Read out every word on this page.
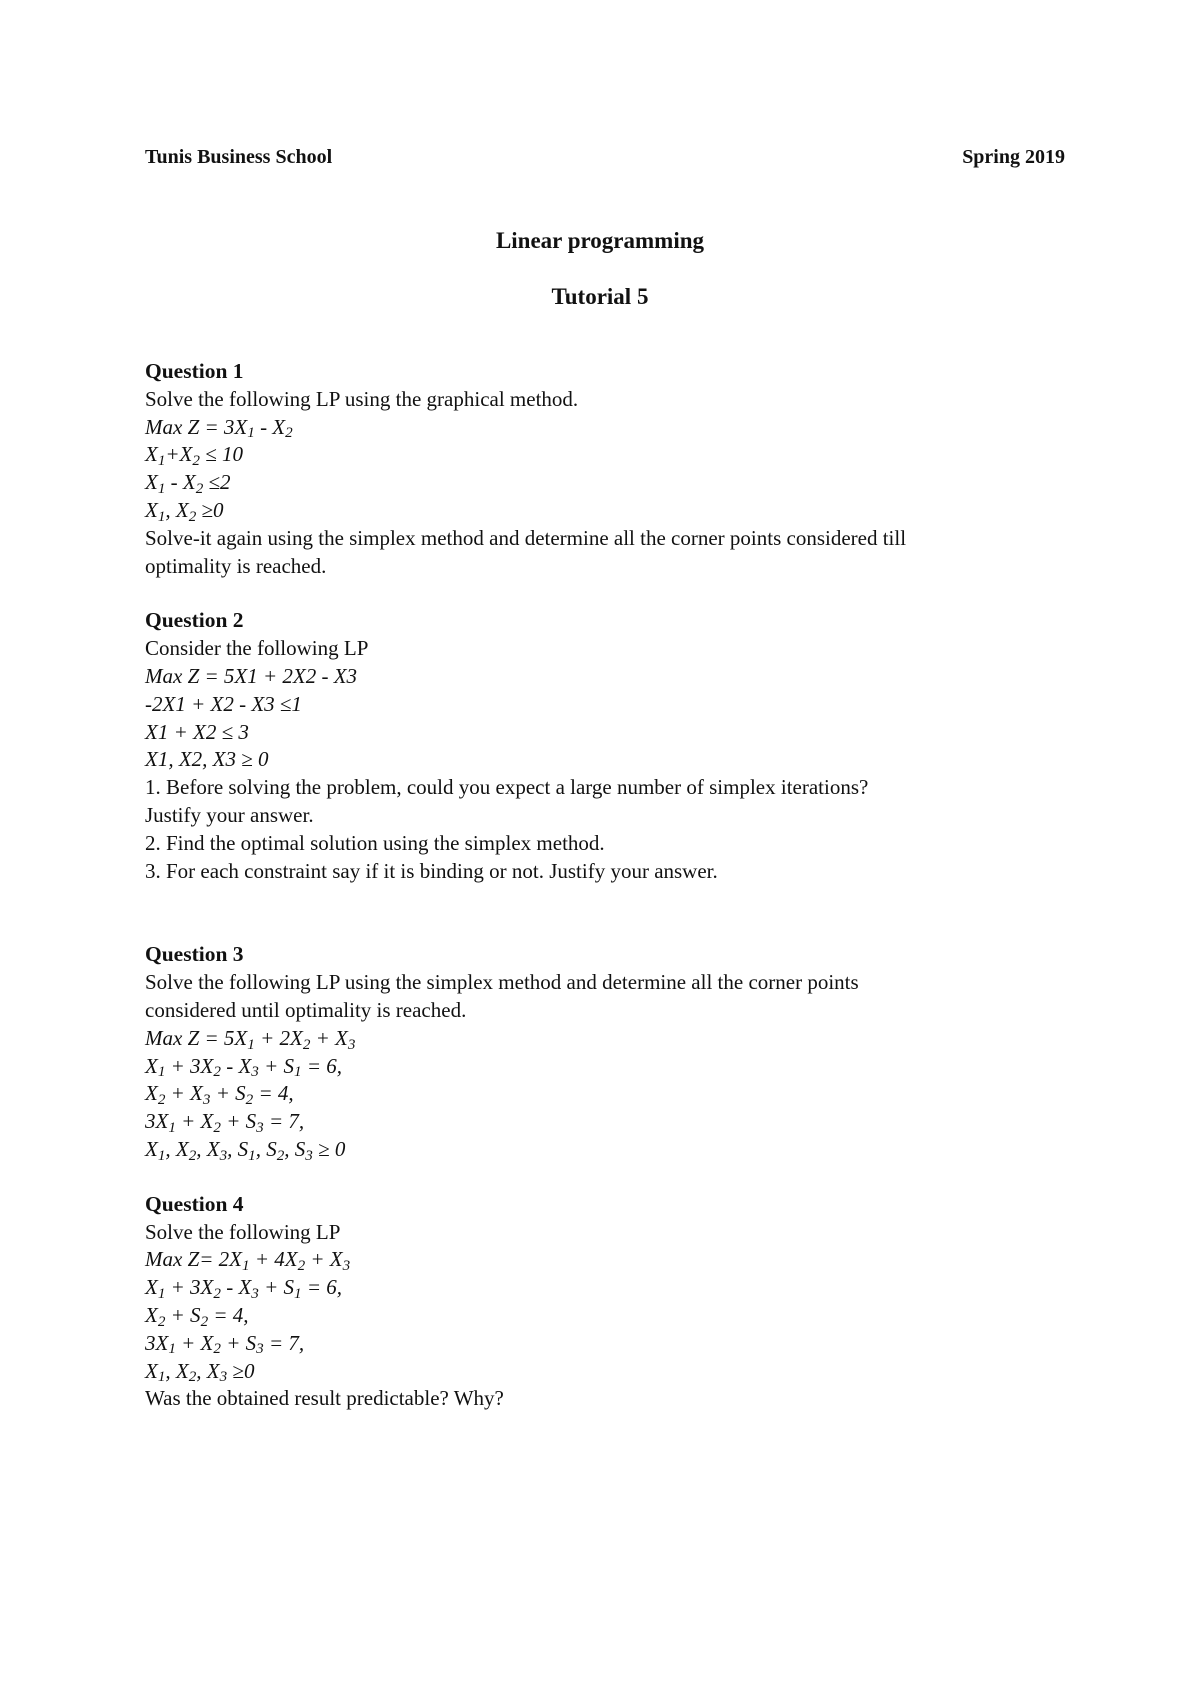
Tunis Business School	Spring 2019
Linear programming
Tutorial 5
Question 1
Solve the following LP using the graphical method.
Max $Z = 3X_1 - X_2$
$X_1+X_2 \le 10$
$X_1 - X_2 \le 2$
$X_1$, $X_2 \ge 0$
Solve-it again using the simplex method and determine all the corner points considered till
optimality is reached.
Question 2
Consider the following LP
Max Z = 5X1 + 2X2 - X3
-2X1 + X2 - X3 ≤1
X1 + X2 ≤ 3
X1, X2, X3 ≥ 0
1. Before solving the problem, could you expect a large number of simplex iterations?
Justify your answer.
2. Find the optimal solution using the simplex method.
3. For each constraint say if it is binding or not. Justify your answer.
Question 3
Solve the following LP using the simplex method and determine all the corner points
considered until optimality is reached.
Max $Z = 5X_1 + 2X_2 + X_3$
$X_1 + 3X_2 - X_3 + S_1 = 6$,
$X_2 + X_3 + S_2 = 4$,
$3X_1 + X_2 + S_3 = 7$,
$X_1$, $X_2$, $X_3$, $S_1$, $S_2$, $S_3 \ge 0$
Question 4
Solve the following LP
Max $Z= 2X_1 + 4X_2 + X_3$
$X_1 + 3X_2 - X_3 + S_1 = 6$,
$X_2 + S_2 = 4$,
$3X_1 + X_2 + S_3 = 7$,
$X_1$, $X_2$, $X_3 \ge 0$
Was the obtained result predictable? Why?
